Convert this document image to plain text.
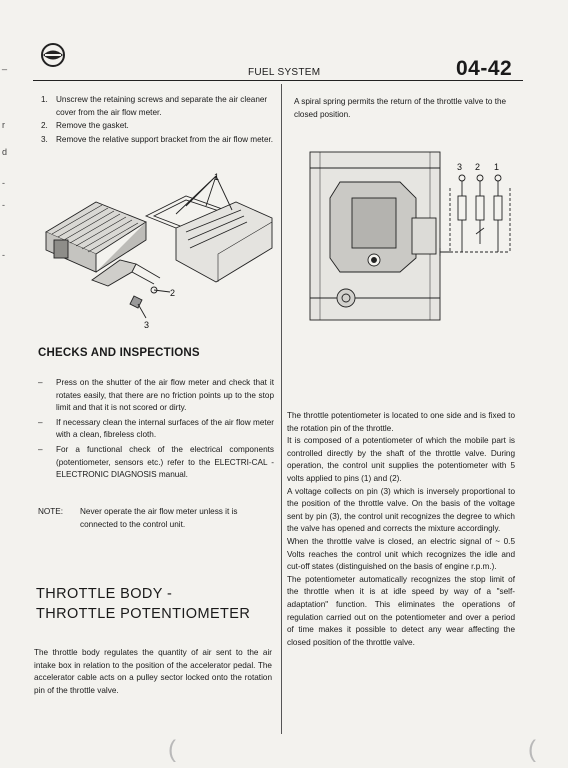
_
r
d
-
-
-
FUEL SYSTEM	04-42
1. Unscrew the retaining screws and separate the air cleaner cover from the air flow meter.
2. Remove the gasket.
3. Remove the relative support bracket from the air flow meter.
1
2
3
CHECKS AND INSPECTIONS
–	Press on the shutter of the air flow meter and check that it rotates easily, that there are no friction points up to the stop limit and that it is not scored or dirty.
–	If necessary clean the internal surfaces of the air flow meter with a clean, fibreless cloth.
–	For a functional check of the electrical components (potentiometer, sensors etc.) refer to the ELECTRI-CAL - ELECTRONIC DIAGNOSIS manual.
NOTE:	Never operate the air flow meter unless it is connected to the control unit.
THROTTLE BODY -
THROTTLE POTENTIOMETER
The throttle body regulates the quantity of air sent to the air intake box in relation to the position of the accelerator pedal. The accelerator cable acts on a pulley sector locked onto the rotation pin of the throttle valve.
A spiral spring permits the return of the throttle valve to the closed position.
3 2 1

The throttle potentiometer is located to one side and is fixed to the rotation pin of the throttle.

It is composed of a potentiometer of which the mobile part is controlled directly by the shaft of the throttle valve. During operation, the control unit supplies the potentiometer with 5 volts applied to pins (1) and (2).

A voltage collects on pin (3) which is inversely proportional to the position of the throttle valve. On the basis of the voltage sent by pin (3), the control unit recognizes the degree to which the valve has opened and corrects the mixture accordingly.

When the throttle valve is closed, an electric signal of ~ 0.5 Volts reaches the control unit which recognizes the idle and cut-off states (distinguished on the basis of engine r.p.m.).

The potentiometer automatically recognizes the stop limit of the throttle when it is at idle speed by way of a "self-adaptation" function. This eliminates the operations of regulation carried out on the potentiometer and over a period of time makes it possible to detect any wear affecting the closed position of the throttle valve.

(	(
